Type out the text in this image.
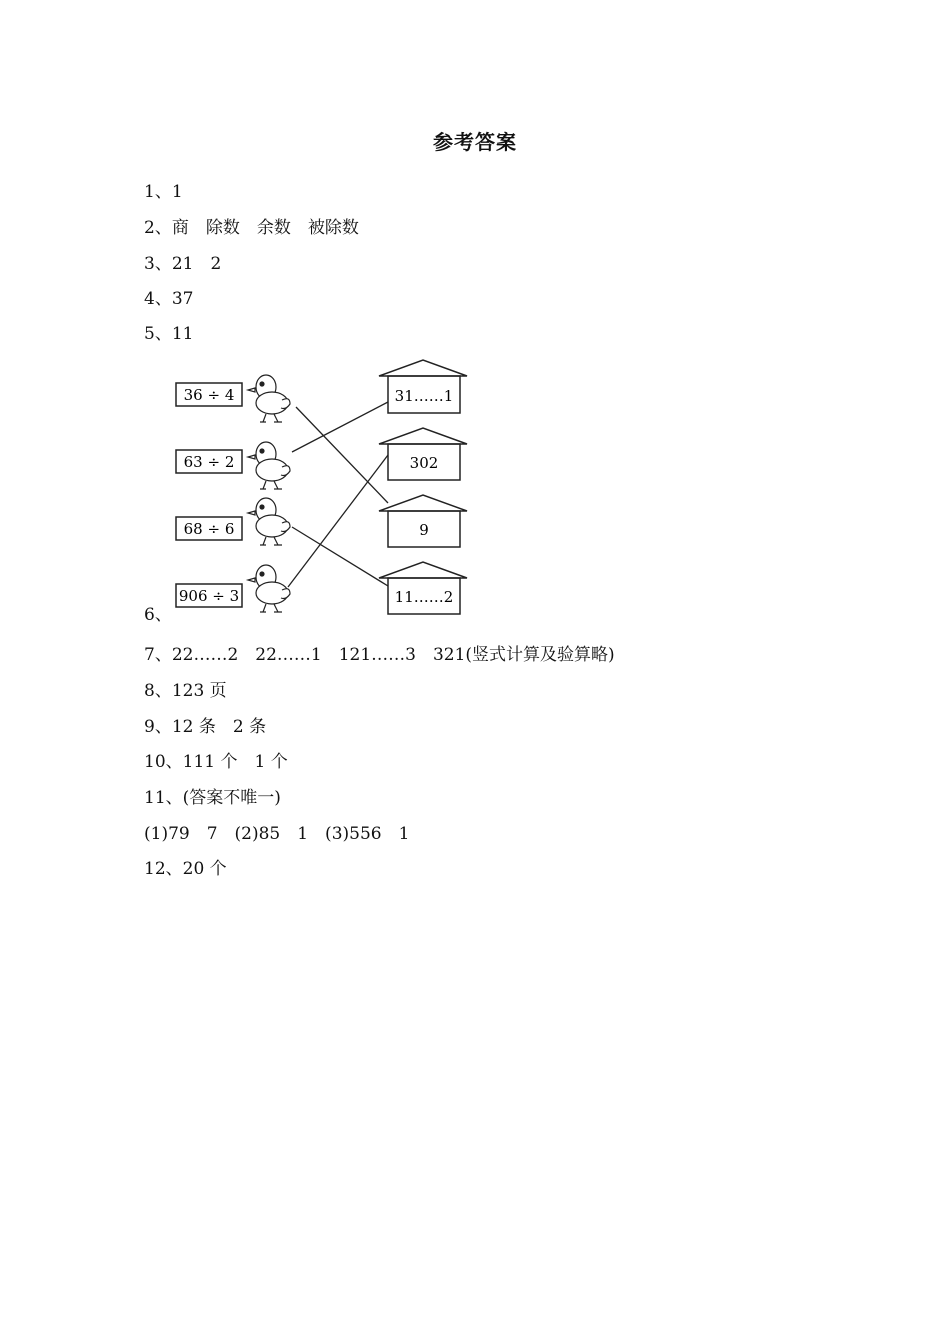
参考答案
1、1
2、商　除数　余数　被除数
3、21　2
4、37
5、11
36 ÷ 4
63 ÷ 2
68 ÷ 6
906 ÷ 3
31……1
302
9
11……2
6、
7、22……2　22……1　121……3　321(竖式计算及验算略)
8、123 页
9、12 条　2 条
10、111 个　1 个
11、(答案不唯一)
(1)79　7　(2)85　1　(3)556　1
12、20 个
